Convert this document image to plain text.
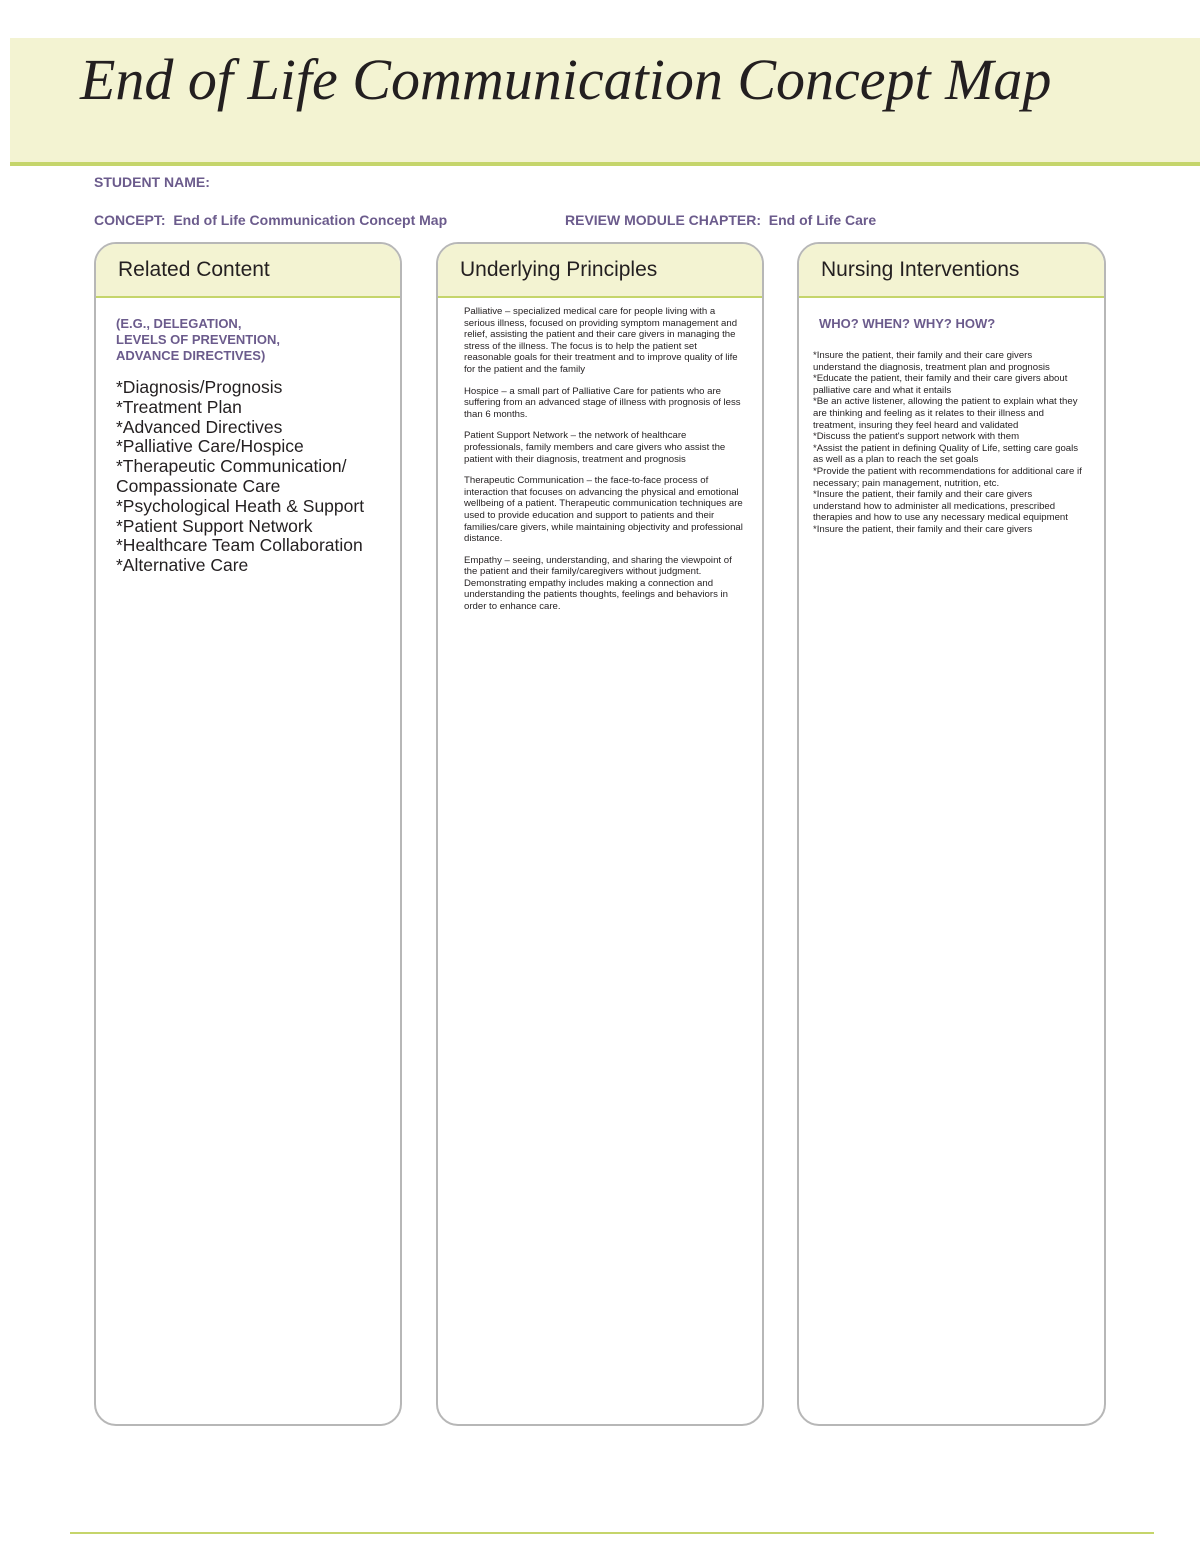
End of Life Communication Concept Map
STUDENT NAME:
CONCEPT: End of Life Communication Concept Map	REVIEW MODULE CHAPTER: End of Life Care
Related Content
(E.G., DELEGATION,
LEVELS OF PREVENTION,
ADVANCE DIRECTIVES)
*Diagnosis/Prognosis
*Treatment Plan
*Advanced Directives
*Palliative Care/Hospice
*Therapeutic Communication/ Compassionate Care
*Psychological Heath & Support
*Patient Support Network
*Healthcare Team Collaboration
*Alternative Care
Underlying Principles

Palliative – specialized medical care for people living with a serious illness, focused on providing symptom management and relief, assisting the patient and their care givers in managing the stress of the illness. The focus is to help the patient set reasonable goals for their treatment and to improve quality of life for the patient and the family

Hospice – a small part of Palliative Care for patients who are suffering from an advanced stage of illness with prognosis of less than 6 months.

Patient Support Network – the network of healthcare professionals, family members and care givers who assist the patient with their diagnosis, treatment and prognosis

Therapeutic Communication – the face-to-face process of interaction that focuses on advancing the physical and emotional wellbeing of a patient. Therapeutic communication techniques are used to provide education and support to patients and their families/care givers, while maintaining objectivity and professional distance.

Empathy – seeing, understanding, and sharing the viewpoint of the patient and their family/caregivers without judgment. Demonstrating empathy includes making a connection and understanding the patients thoughts, feelings and behaviors in order to enhance care.

Nursing Interventions
WHO? WHEN? WHY? HOW?
*Insure the patient, their family and their care givers understand the diagnosis, treatment plan and prognosis
*Educate the patient, their family and their care givers about palliative care and what it entails
*Be an active listener, allowing the patient to explain what they are thinking and feeling as it relates to their illness and treatment, insuring they feel heard and validated
*Discuss the patient's support network with them
*Assist the patient in defining Quality of Life, setting care goals as well as a plan to reach the set goals
*Provide the patient with recommendations for additional care if necessary; pain management, nutrition, etc.
*Insure the patient, their family and their care givers understand how to administer all medications, prescribed therapies and how to use any necessary medical equipment
*Insure the patient, their family and their care givers
